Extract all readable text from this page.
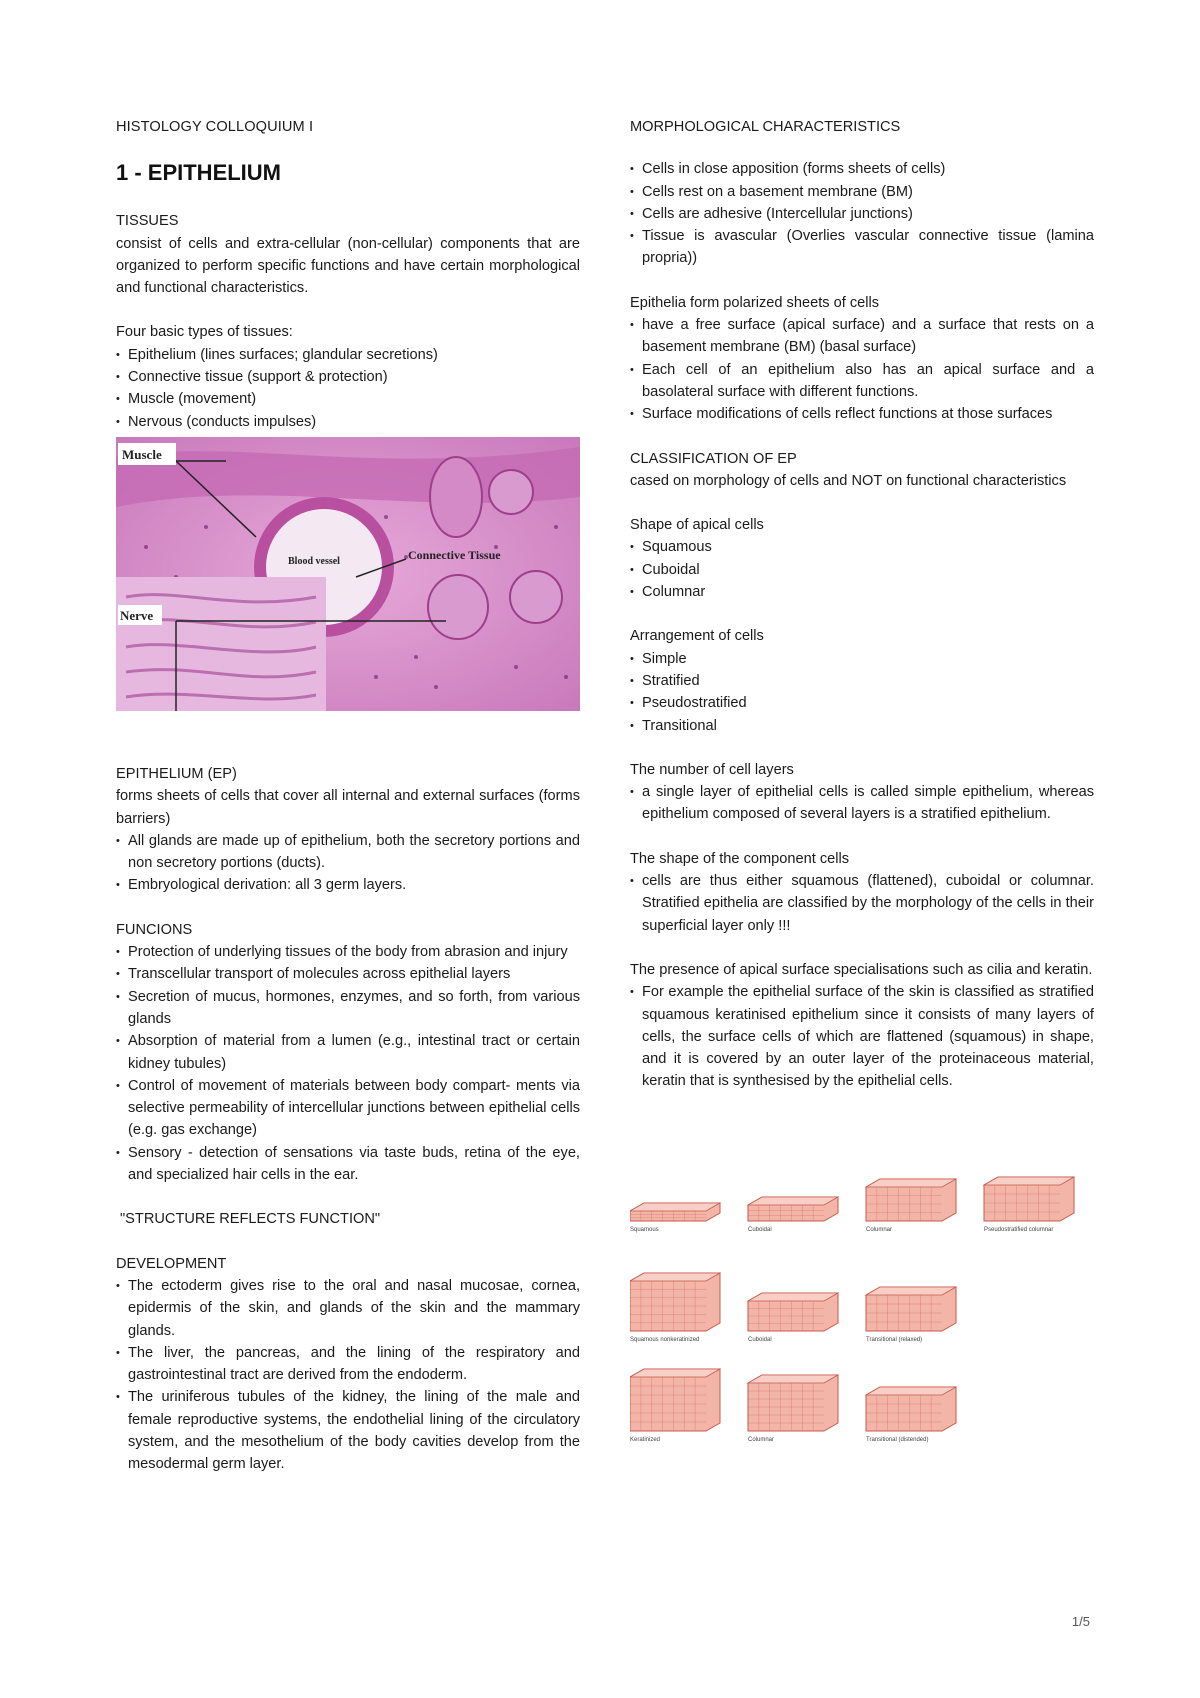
HISTOLOGY COLLOQUIUM I
1 - EPITHELIUM
TISSUES

consist of cells and extra-cellular (non-cellular) components that are organized to perform specific functions and have certain morphological and functional characteristics.

Four basic types of tissues:
• Epithelium (lines surfaces; glandular secretions)
• Connective tissue (support & protection)
• Muscle (movement)
• Nervous (conducts impulses)
Muscle
Blood vessel	Connective Tissue
Nerve
EPITHELIUM (EP)

forms sheets of cells that cover all internal and external surfaces (forms barriers)

• All glands are made up of epithelium, both the secretory portions and non secretory portions (ducts).
• Embryological derivation: all 3 germ layers.
FUNCIONS
• Protection of underlying tissues of the body from abrasion and injury
• Transcellular transport of molecules across epithelial layers
• Secretion of mucus, hormones, enzymes, and so forth, from various glands
• Absorption of material from a lumen (e.g., intestinal tract or certain kidney tubules)
• Control of movement of materials between body compart- ments via selective permeability of intercellular junctions between epithelial cells (e.g. gas exchange)
• Sensory - detection of sensations via taste buds, retina of the eye, and specialized hair cells in the ear.
"STRUCTURE REFLECTS FUNCTION"
DEVELOPMENT
• The ectoderm gives rise to the oral and nasal mucosae, cornea, epidermis of the skin, and glands of the skin and the mammary glands.
• The liver, the pancreas, and the lining of the respiratory and gastrointestinal tract are derived from the endoderm.
• The uriniferous tubules of the kidney, the lining of the male and female reproductive systems, the endothelial lining of the circulatory system, and the mesothelium of the body cavities develop from the mesodermal germ layer.
MORPHOLOGICAL CHARACTERISTICS
• Cells in close apposition (forms sheets of cells)
• Cells rest on a basement membrane (BM)
• Cells are adhesive (Intercellular junctions)
• Tissue is avascular (Overlies vascular connective tissue (lamina propria))
Epithelia form polarized sheets of cells
• have a free surface (apical surface) and a surface that rests on a basement membrane (BM) (basal surface)
• Each cell of an epithelium also has an apical surface and a basolateral surface with different functions.
• Surface modifications of cells reflect functions at those surfaces
CLASSIFICATION OF EP

cased on morphology of cells and NOT on functional characteristics

Shape of apical cells
• Squamous
• Cuboidal
• Columnar
Arrangement of cells
• Simple
• Stratified
• Pseudostratified
• Transitional
The number of cell layers
• a single layer of epithelial cells is called simple epithelium, whereas epithelium composed of several layers is a stratified epithelium.
The shape of the component cells
• cells are thus either squamous (flattened), cuboidal or columnar. Stratified epithelia are classified by the morphology of the cells in their superficial layer only !!!

The presence of apical surface specialisations such as cilia and keratin.

• For example the epithelial surface of the skin is classified as stratified squamous keratinised epithelium since it consists of many layers of cells, the surface cells of which are flattened (squamous) in shape, and it is covered by an outer layer of the proteinaceous material, keratin that is synthesised by the epithelial cells.
Squamous	Cuboidal	Columnar	Pseudostratified columnar
Squamous nonkeratinized	Cuboidal	Transitional (relaxed)
Keratinized	Columnar	Transitional (distended)
1/5
